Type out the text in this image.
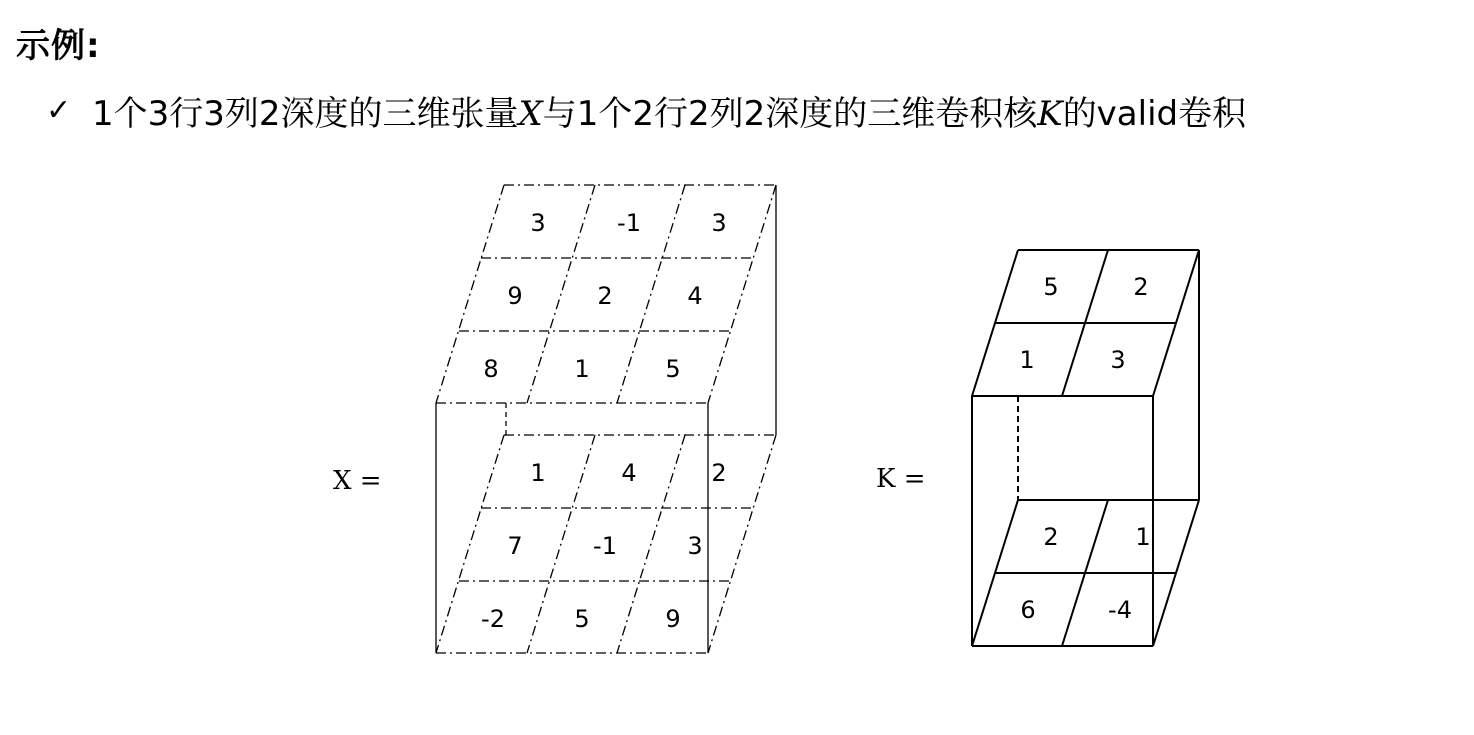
示例:
✓ 1个3行3列2深度的三维张量X与1个2行2列2深度的三维卷积核K的valid卷积
3	-1	3
9	2	4
8	1	5
1	4	2
7	-1	3
-2	5	9
X =
5	2
1	3
2	1
6	-4
K =
